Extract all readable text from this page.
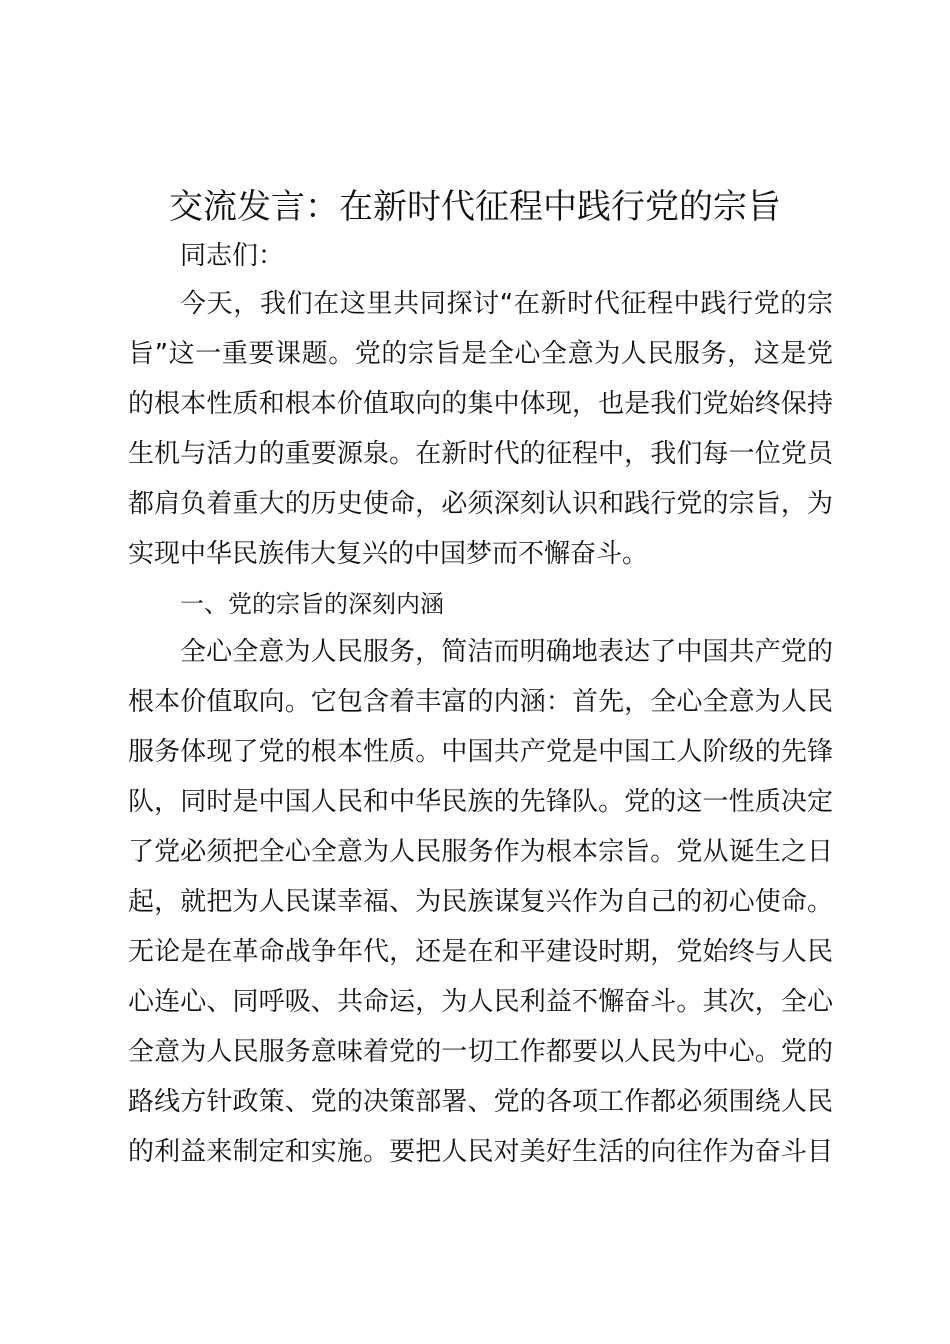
交流发言：在新时代征程中践行党的宗旨
同志们：
今天，我们在这里共同探讨“在新时代征程中践行党的宗
旨”这一重要课题。党的宗旨是全心全意为人民服务，这是党
的根本性质和根本价值取向的集中体现，也是我们党始终保持
生机与活力的重要源泉。在新时代的征程中，我们每一位党员
都肩负着重大的历史使命，必须深刻认识和践行党的宗旨，为
实现中华民族伟大复兴的中国梦而不懈奋斗。
一、党的宗旨的深刻内涵
全心全意为人民服务，简洁而明确地表达了中国共产党的
根本价值取向。它包含着丰富的内涵：首先，全心全意为人民
服务体现了党的根本性质。中国共产党是中国工人阶级的先锋
队，同时是中国人民和中华民族的先锋队。党的这一性质决定
了党必须把全心全意为人民服务作为根本宗旨。党从诞生之日
起，就把为人民谋幸福、为民族谋复兴作为自己的初心使命。
无论是在革命战争年代，还是在和平建设时期，党始终与人民
心连心、同呼吸、共命运，为人民利益不懈奋斗。其次，全心
全意为人民服务意味着党的一切工作都要以人民为中心。党的
路线方针政策、党的决策部署、党的各项工作都必须围绕人民
的利益来制定和实施。要把人民对美好生活的向往作为奋斗目
